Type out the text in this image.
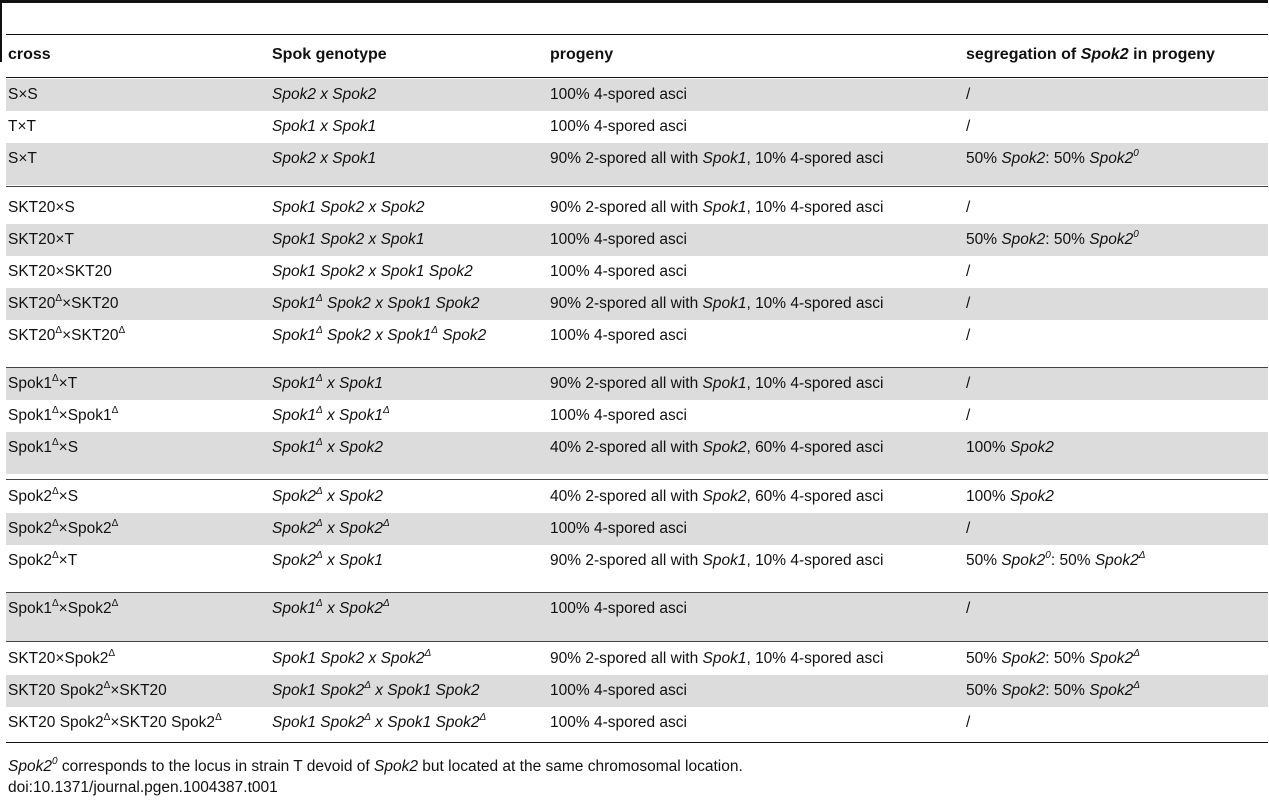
cross	Spok genotype	progeny	segregation of Spok2 in progeny
S×S	Spok2 x Spok2	100% 4-spored asci	/
T×T	Spok1 x Spok1	100% 4-spored asci	/
S×T	Spok2 x Spok1	90% 2-spored all with Spok1, 10% 4-spored asci	50% Spok2: 50% $Spok2^0$
SKT20×S	Spok1 Spok2 x Spok2	90% 2-spored all with Spok1, 10% 4-spored asci	/
SKT20×T	Spok1 Spok2 x Spok1	100% 4-spored asci	50% Spok2: 50% $Spok2^0$
SKT20×SKT20	Spok1 Spok2 x Spok1 Spok2	100% 4-spored asci	/
$SKT20^\Delta\times SKT20$	$Spok1^\Delta$ Spok2 x Spok1 Spok2	90% 2-spored all with Spok1, 10% 4-spored asci	/
$SKT20^\Delta\times SKT20^\Delta$	$Spok1^\Delta$ Spok2 x $Spok1^\Delta$ Spok2	100% 4-spored asci	/
$Spok1^\Delta\times T$	$Spok1^\Delta$ x Spok1	90% 2-spored all with Spok1, 10% 4-spored asci	/
$Spok1^\Delta\times Spok1^\Delta$	$Spok1^\Delta$ x $Spok1^\Delta$	100% 4-spored asci	/
$Spok1^\Delta\times S$	$Spok1^\Delta$ x Spok2	40% 2-spored all with Spok2, 60% 4-spored asci	100% Spok2
$Spok2^\Delta\times S$	$Spok2^\Delta$ x Spok2	40% 2-spored all with Spok2, 60% 4-spored asci	100% Spok2
$Spok2^\Delta\times Spok2^\Delta$	$Spok2^\Delta$ x $Spok2^\Delta$	100% 4-spored asci	/
$Spok2^\Delta\times T$	$Spok2^\Delta$ x Spok1	90% 2-spored all with Spok1, 10% 4-spored asci	50% $Spok2^0$: 50% $Spok2^\Delta$
$Spok1^\Delta\times Spok2^\Delta$	$Spok1^\Delta$ x $Spok2^\Delta$	100% 4-spored asci	/
$SKT20\times Spok2^\Delta$	Spok1 Spok2 x $Spok2^\Delta$	90% 2-spored all with Spok1, 10% 4-spored asci	50% Spok2: 50% $Spok2^\Delta$
SKT20 $Spok2^\Delta\times SKT20$	Spok1 $Spok2^\Delta$ x Spok1 Spok2	100% 4-spored asci	50% Spok2: 50% $Spok2^\Delta$
SKT20 $Spok2^\Delta\times SKT20$ $Spok2^\Delta$	Spok1 $Spok2^\Delta$ x Spok1 $Spok2^\Delta$	100% 4-spored asci	/
$Spok2^0$ corresponds to the locus in strain T devoid of Spok2 but located at the same chromosomal location.
doi:10.1371/journal.pgen.1004387.t001
